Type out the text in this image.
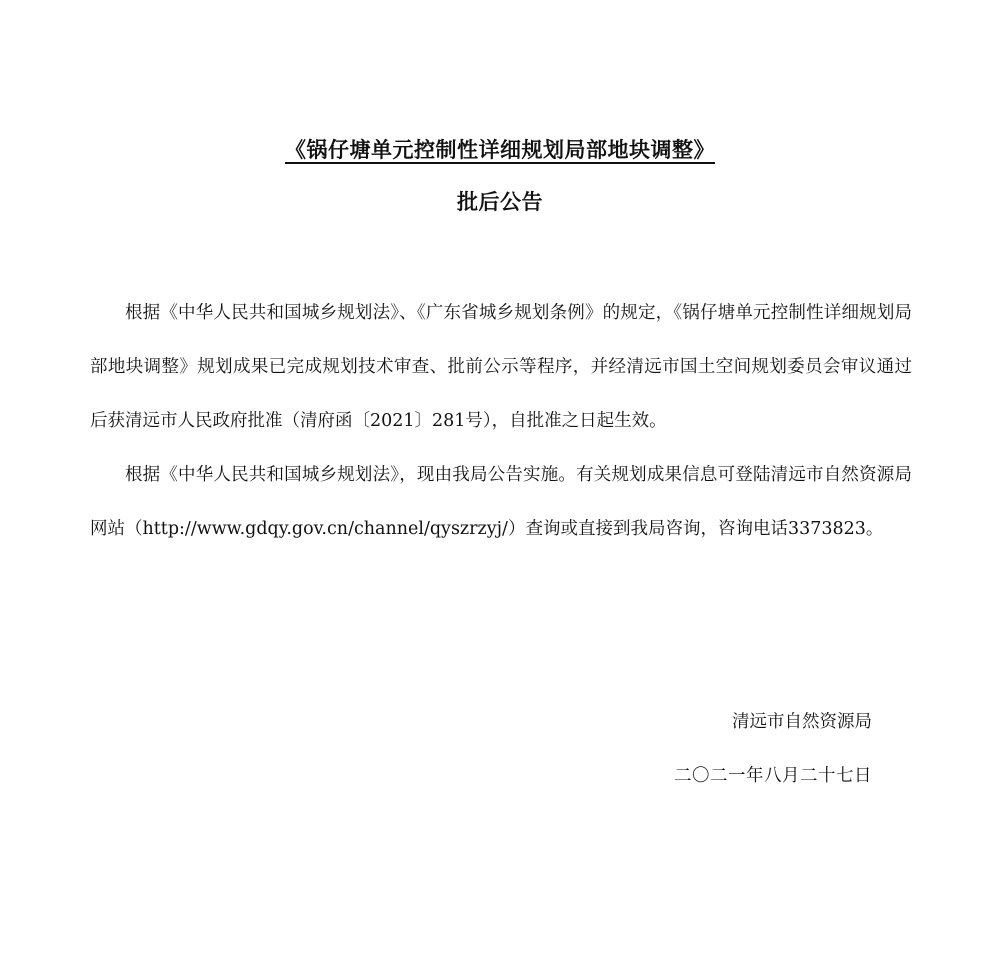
《锅仔塘单元控制性详细规划局部地块调整》
批后公告

根据《中华人民共和国城乡规划法》、《广东省城乡规划条例》的规定，《锅仔塘单元控制性详细规划局部地块调整》规划成果已完成规划技术审查、批前公示等程序，并经清远市国土空间规划委员会审议通过后获清远市人民政府批准（清府函〔2021〕281号），自批准之日起生效。

根据《中华人民共和国城乡规划法》，现由我局公告实施。有关规划成果信息可登陆清远市自然资源局网站（http://www.gdqy.gov.cn/channel/qyszrzyj/）查询或直接到我局咨询，咨询电话3373823。

清远市自然资源局
二〇二一年八月二十七日
